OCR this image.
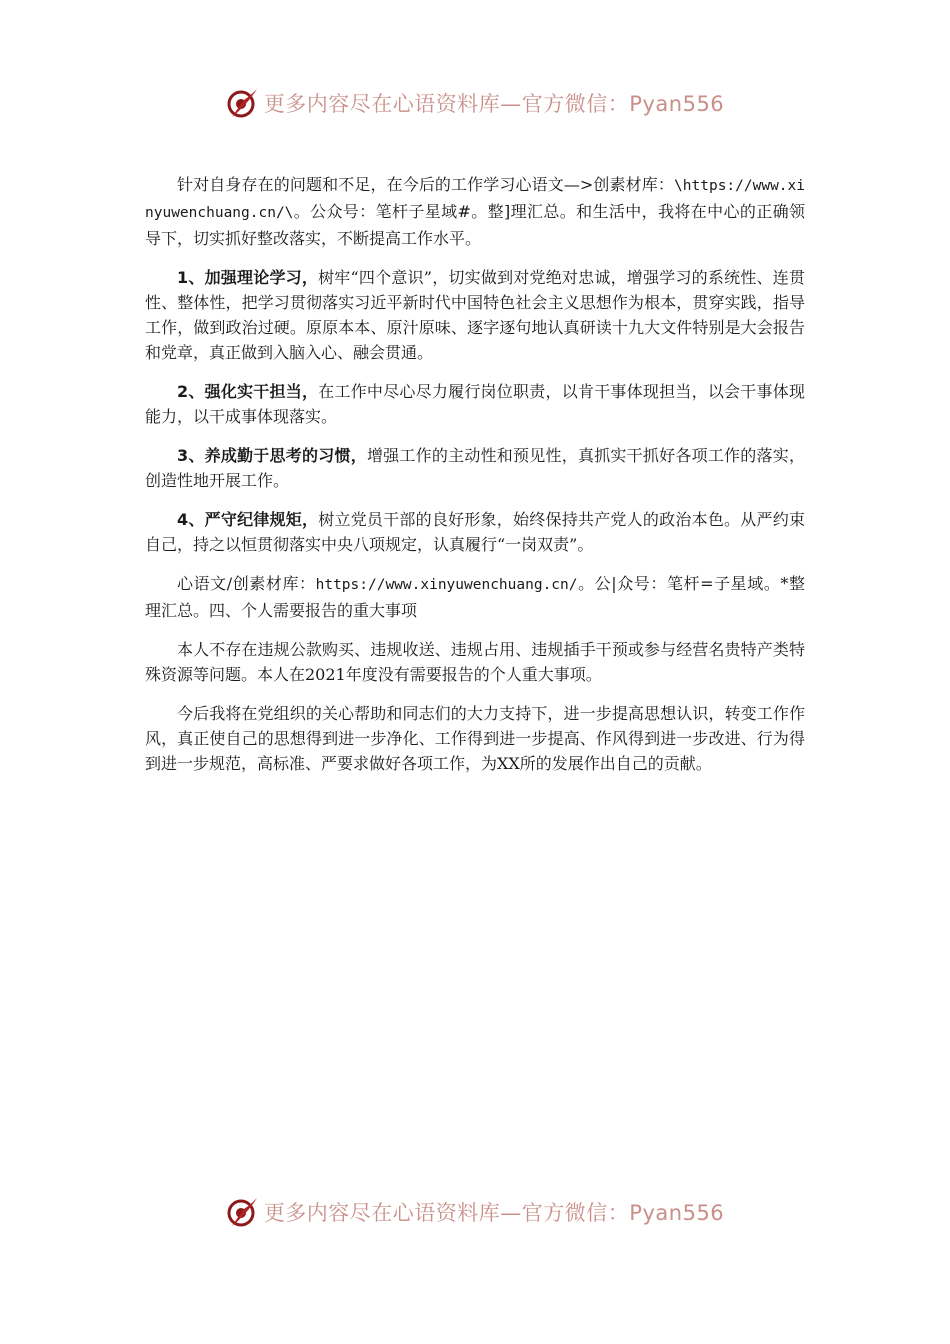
更多内容尽在心语资料库—官方微信：Pyan556

针对自身存在的问题和不足，在今后的工作学习心语文—>创素材库：\https://www.xinyuwenchuang.cn/\。公众号：笔杆子星域#。整]理汇总。和生活中，我将在中心的正确领导下，切实抓好整改落实，不断提高工作水平。

1、加强理论学习，树牢“四个意识”，切实做到对党绝对忠诚，增强学习的系统性、连贯性、整体性，把学习贯彻落实习近平新时代中国特色社会主义思想作为根本，贯穿实践，指导工作，做到政治过硬。原原本本、原汁原味、逐字逐句地认真研读十九大文件特别是大会报告和党章，真正做到入脑入心、融会贯通。

2、强化实干担当，在工作中尽心尽力履行岗位职责，以肯干事体现担当，以会干事体现能力，以干成事体现落实。

3、养成勤于思考的习惯，增强工作的主动性和预见性，真抓实干抓好各项工作的落实，创造性地开展工作。

4、严守纪律规矩，树立党员干部的良好形象，始终保持共产党人的政治本色。从严约束自己，持之以恒贯彻落实中央八项规定，认真履行“一岗双责”。

心语文/创素材库：https://www.xinyuwenchuang.cn/。公|众号：笔杆=子星域。*整理汇总。四、个人需要报告的重大事项

本人不存在违规公款购买、违规收送、违规占用、违规插手干预或参与经营名贵特产类特殊资源等问题。本人在2021年度没有需要报告的个人重大事项。

今后我将在党组织的关心帮助和同志们的大力支持下，进一步提高思想认识，转变工作作风，真正使自己的思想得到进一步净化、工作得到进一步提高、作风得到进一步改进、行为得到进一步规范，高标准、严要求做好各项工作，为XX所的发展作出自己的贡献。

更多内容尽在心语资料库—官方微信：Pyan556
